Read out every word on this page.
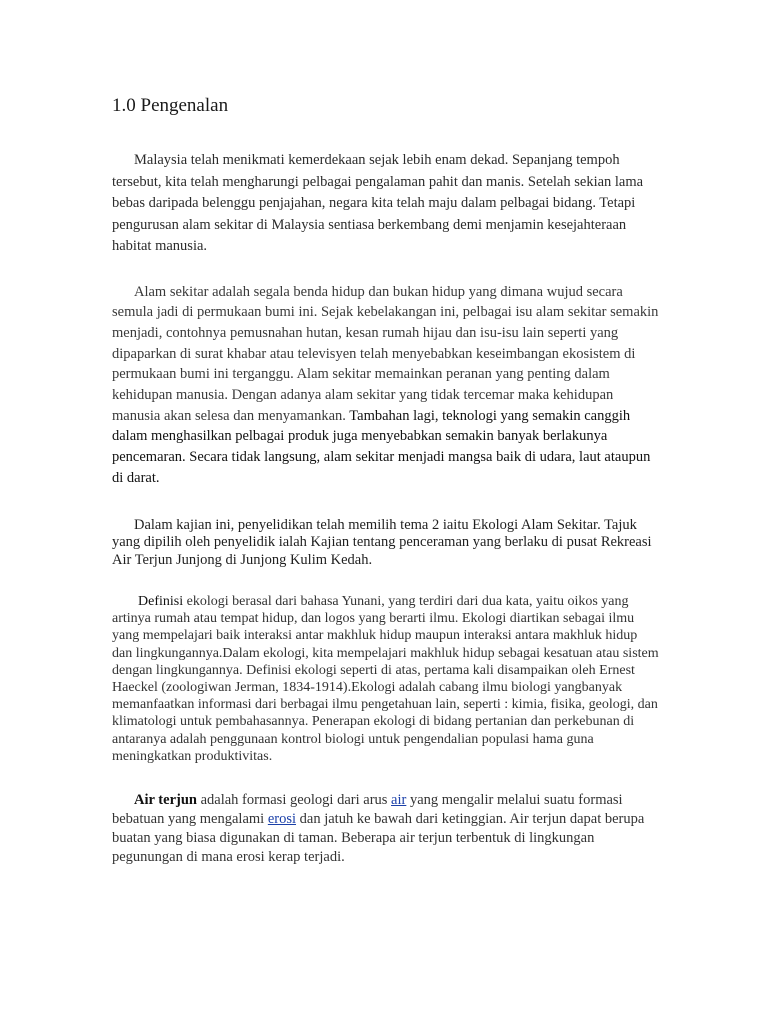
1.0 Pengenalan

Malaysia telah menikmati kemerdekaan sejak lebih enam dekad. Sepanjang tempoh tersebut, kita telah mengharungi pelbagai pengalaman pahit dan manis. Setelah sekian lama bebas daripada belenggu penjajahan, negara kita telah maju dalam pelbagai bidang. Tetapi pengurusan alam sekitar di Malaysia sentiasa berkembang demi menjamin kesejahteraan habitat manusia.

Alam sekitar adalah segala benda hidup dan bukan hidup yang dimana wujud secara semula jadi di permukaan bumi ini. Sejak kebelakangan ini, pelbagai isu alam sekitar semakin menjadi, contohnya pemusnahan hutan, kesan rumah hijau dan isu-isu lain seperti yang dipaparkan di surat khabar atau televisyen telah menyebabkan keseimbangan ekosistem di permukaan bumi ini terganggu. Alam sekitar memainkan peranan yang penting dalam kehidupan manusia. Dengan adanya alam sekitar yang tidak tercemar maka kehidupan manusia akan selesa dan menyamankan. Tambahan lagi, teknologi yang semakin canggih dalam menghasilkan pelbagai produk juga menyebabkan semakin banyak berlakunya pencemaran. Secara tidak langsung, alam sekitar menjadi mangsa baik di udara, laut ataupun di darat.

Dalam kajian ini, penyelidikan telah memilih tema 2 iaitu Ekologi Alam Sekitar. Tajuk yang dipilih oleh penyelidik ialah Kajian tentang penceraman yang berlaku di pusat Rekreasi Air Terjun Junjong di Junjong Kulim Kedah.

Definisi ekologi berasal dari bahasa Yunani, yang terdiri dari dua kata, yaitu oikos yang artinya rumah atau tempat hidup, dan logos yang berarti ilmu. Ekologi diartikan sebagai ilmu yang mempelajari baik interaksi antar makhluk hidup maupun interaksi antara makhluk hidup dan lingkungannya.Dalam ekologi, kita mempelajari makhluk hidup sebagai kesatuan atau sistem dengan lingkungannya. Definisi ekologi seperti di atas, pertama kali disampaikan oleh Ernest Haeckel (zoologiwan Jerman, 1834-1914).Ekologi adalah cabang ilmu biologi yangbanyak memanfaatkan informasi dari berbagai ilmu pengetahuan lain, seperti : kimia, fisika, geologi, dan klimatologi untuk pembahasannya. Penerapan ekologi di bidang pertanian dan perkebunan di antaranya adalah penggunaan kontrol biologi untuk pengendalian populasi hama guna meningkatkan produktivitas.

Air terjun adalah formasi geologi dari arus air yang mengalir melalui suatu formasi bebatuan yang mengalami erosi dan jatuh ke bawah dari ketinggian. Air terjun dapat berupa buatan yang biasa digunakan di taman. Beberapa air terjun terbentuk di lingkungan pegunungan di mana erosi kerap terjadi.
